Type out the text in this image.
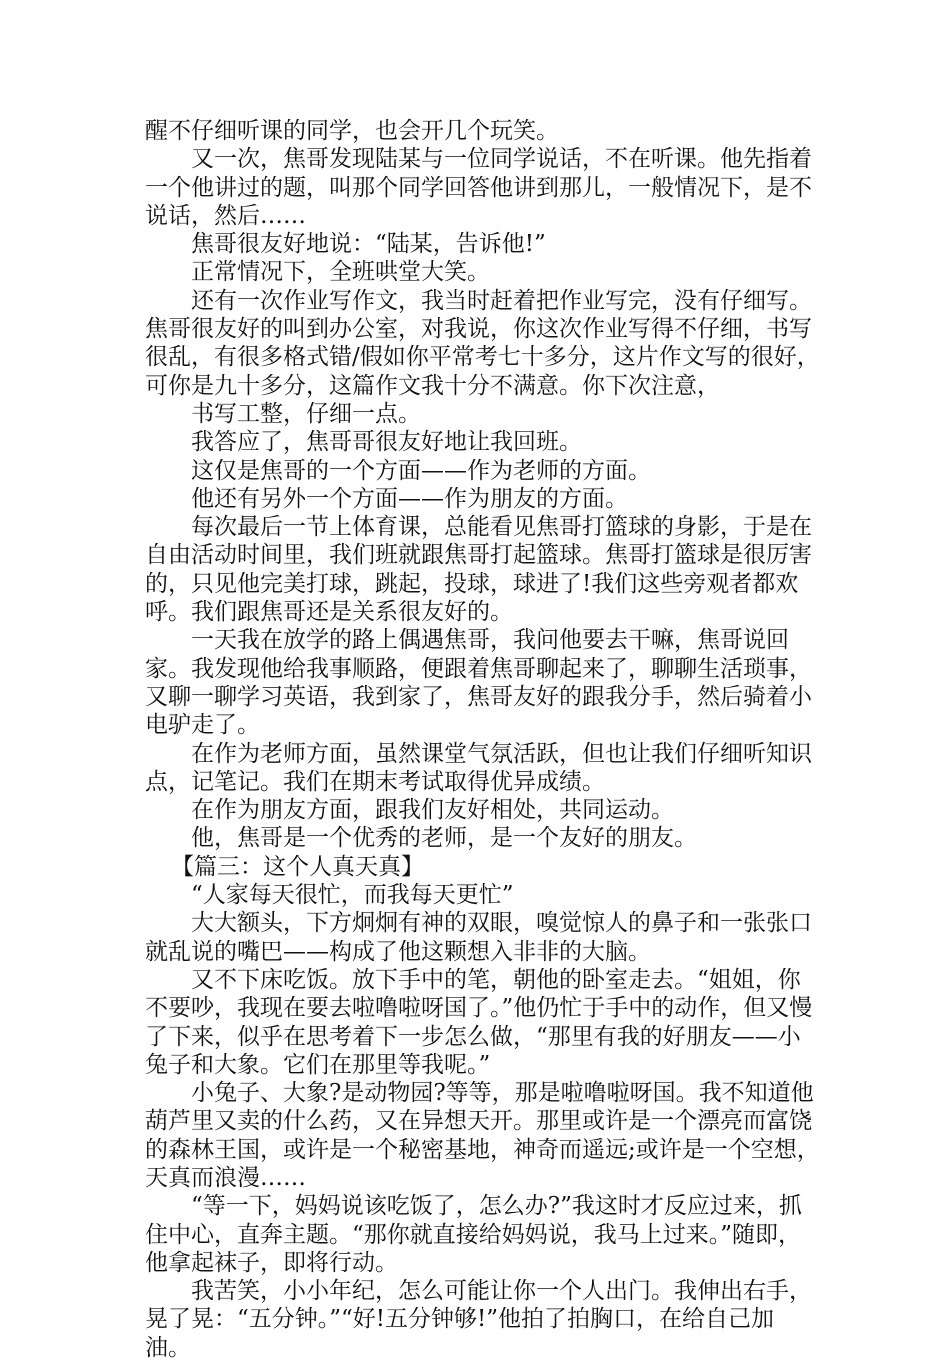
醒不仔细听课的同学，也会开几个玩笑。

又一次，焦哥发现陆某与一位同学说话，不在听课。他先指着一个他讲过的题，叫那个同学回答他讲到那儿，一般情况下，是不说话，然后……

焦哥很友好地说：“陆某，告诉他!”

正常情况下，全班哄堂大笑。

还有一次作业写作文，我当时赶着把作业写完，没有仔细写。焦哥很友好的叫到办公室，对我说，你这次作业写得不仔细，书写很乱，有很多格式错/假如你平常考七十多分，这片作文写的很好，可你是九十多分，这篇作文我十分不满意。你下次注意，

书写工整，仔细一点。

我答应了，焦哥哥很友好地让我回班。

这仅是焦哥的一个方面——作为老师的方面。

他还有另外一个方面——作为朋友的方面。

每次最后一节上体育课，总能看见焦哥打篮球的身影，于是在自由活动时间里，我们班就跟焦哥打起篮球。焦哥打篮球是很厉害的，只见他完美打球，跳起，投球，球进了!我们这些旁观者都欢呼。我们跟焦哥还是关系很友好的。

一天我在放学的路上偶遇焦哥，我问他要去干嘛，焦哥说回家。我发现他给我事顺路，便跟着焦哥聊起来了，聊聊生活琐事，又聊一聊学习英语，我到家了，焦哥友好的跟我分手，然后骑着小电驴走了。

在作为老师方面，虽然课堂气氛活跃，但也让我们仔细听知识点，记笔记。我们在期末考试取得优异成绩。

在作为朋友方面，跟我们友好相处，共同运动。

他，焦哥是一个优秀的老师，是一个友好的朋友。

【篇三：这个人真天真】

“人家每天很忙，而我每天更忙”

大大额头，下方炯炯有神的双眼，嗅觉惊人的鼻子和一张张口就乱说的嘴巴——构成了他这颗想入非非的大脑。

又不下床吃饭。放下手中的笔，朝他的卧室走去。“姐姐，你不要吵，我现在要去啦噜啦呀国了。”他仍忙于手中的动作，但又慢了下来，似乎在思考着下一步怎么做，“那里有我的好朋友——小兔子和大象。它们在那里等我呢。”

小兔子、大象?是动物园?等等，那是啦噜啦呀国。我不知道他葫芦里又卖的什么药，又在异想天开。那里或许是一个漂亮而富饶的森林王国，或许是一个秘密基地，神奇而遥远;或许是一个空想，天真而浪漫……

“等一下，妈妈说该吃饭了，怎么办?”我这时才反应过来，抓住中心，直奔主题。“那你就直接给妈妈说，我马上过来。”随即，他拿起袜子，即将行动。

我苦笑，小小年纪，怎么可能让你一个人出门。我伸出右手，晃了晃：“五分钟。”“好!五分钟够!”他拍了拍胸口，在给自己加油。
